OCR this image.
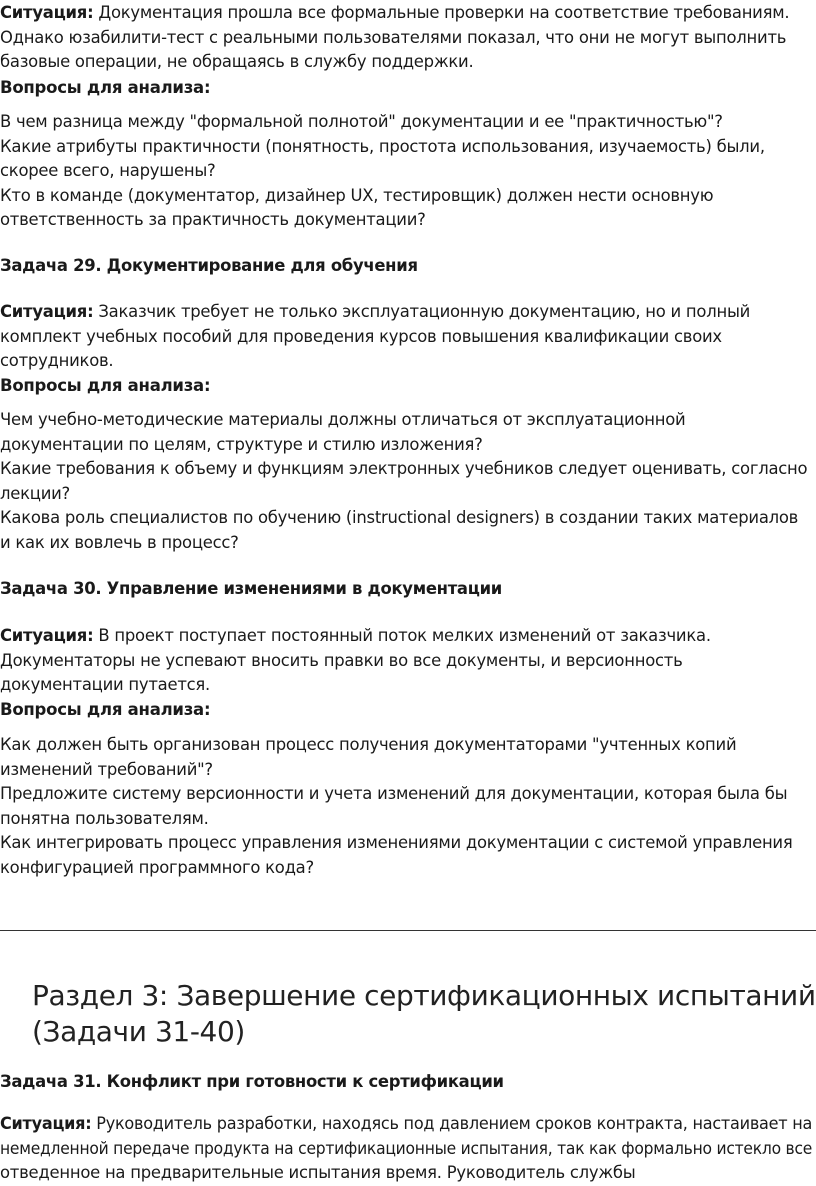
Ситуация: Документация прошла все формальные проверки на соответствие требованиям.
Однако юзабилити-тест с реальными пользователями показал, что они не могут выполнить
базовые операции, не обращаясь в службу поддержки.
Вопросы для анализа:
В чем разница между "формальной полнотой" документации и ее "практичностью"?
Какие атрибуты практичности (понятность, простота использования, изучаемость) были,
скорее всего, нарушены?
Кто в команде (документатор, дизайнер UX, тестировщик) должен нести основную
ответственность за практичность документации?
Задача 29. Документирование для обучения
Ситуация: Заказчик требует не только эксплуатационную документацию, но и полный
комплект учебных пособий для проведения курсов повышения квалификации своих
сотрудников.
Вопросы для анализа:
Чем учебно-методические материалы должны отличаться от эксплуатационной
документации по целям, структуре и стилю изложения?
Какие требования к объему и функциям электронных учебников следует оценивать, согласно
лекции?
Какова роль специалистов по обучению (instructional designers) в создании таких материалов
и как их вовлечь в процесс?
Задача 30. Управление изменениями в документации
Ситуация: В проект поступает постоянный поток мелких изменений от заказчика.
Документаторы не успевают вносить правки во все документы, и версионность
документации путается.
Вопросы для анализа:
Как должен быть организован процесс получения документаторами "учтенных копий
изменений требований"?
Предложите систему версионности и учета изменений для документации, которая была бы
понятна пользователям.
Как интегрировать процесс управления изменениями документации с системой управления
конфигурацией программного кода?
Раздел 3: Завершение сертификационных испытаний
(Задачи 31-40)
Задача 31. Конфликт при готовности к сертификации
Ситуация: Руководитель разработки, находясь под давлением сроков контракта, настаивает на
немедленной передаче продукта на сертификационные испытания, так как формально истекло все
отведенное на предварительные испытания время. Руководитель службы
